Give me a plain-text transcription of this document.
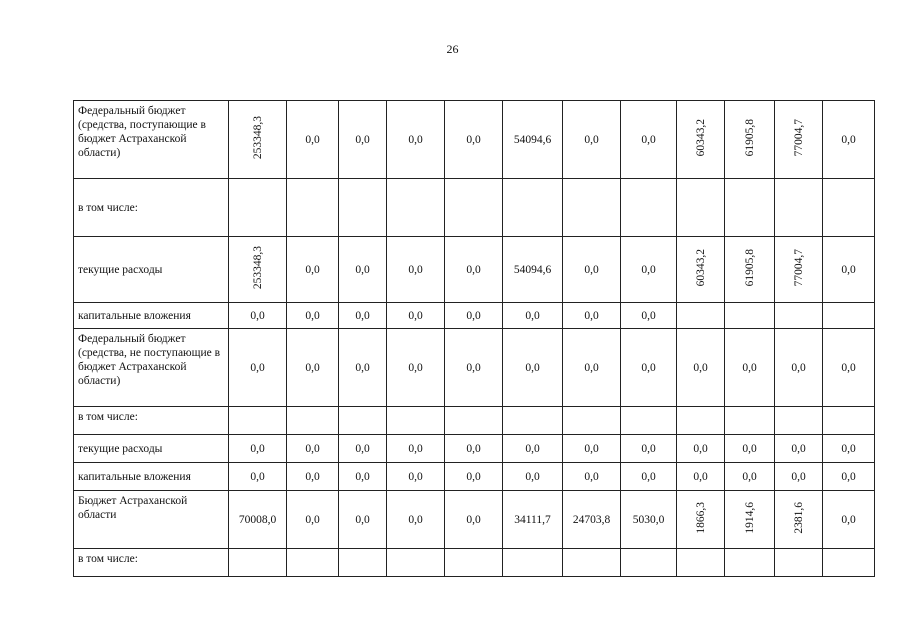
26
Федеральный бюджет (средства, поступающие в бюджет Астраханской области)	253348,3	0,0	0,0	0,0	0,0	54094,6	0,0	0,0	60343,2	61905,8	77004,7	0,0
в том числе:												
текущие расходы	253348,3	0,0	0,0	0,0	0,0	54094,6	0,0	0,0	60343,2	61905,8	77004,7	0,0
капитальные вложения	0,0	0,0	0,0	0,0	0,0	0,0	0,0	0,0				
Федеральный бюджет (средства, не поступающие в бюджет Астраханской области)	0,0	0,0	0,0	0,0	0,0	0,0	0,0	0,0	0,0	0,0	0,0	0,0
в том числе:												
текущие расходы	0,0	0,0	0,0	0,0	0,0	0,0	0,0	0,0	0,0	0,0	0,0	0,0
капитальные вложения	0,0	0,0	0,0	0,0	0,0	0,0	0,0	0,0	0,0	0,0	0,0	0,0
Бюджет Астраханской области	70008,0	0,0	0,0	0,0	0,0	34111,7	24703,8	5030,0	1866,3	1914,6	2381,6	0,0
в том числе:												
